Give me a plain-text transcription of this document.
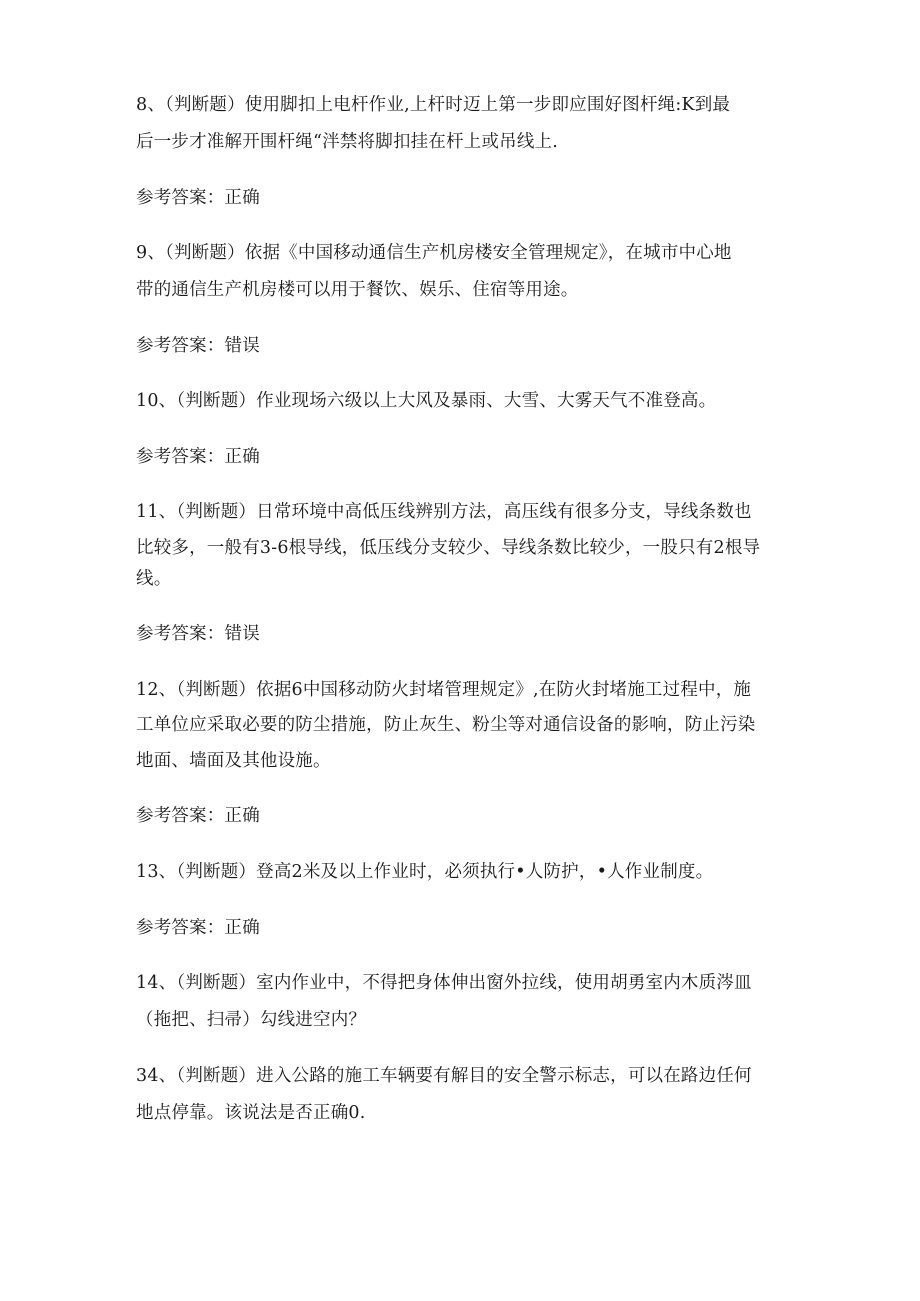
8、（判断题）使用脚扣上电杆作业,上杆时迈上第一步即应围好图杆绳:K到最
后一步才准解开围杆绳“泮禁将脚扣挂在杆上或吊线上.
参考答案：正确
9、（判断题）依据《中国移动通信生产机房楼安全管理规定》，在城市中心地
带的通信生产机房楼可以用于餐饮、娱乐、住宿等用途。
参考答案：错误
10、（判断题）作业现场六级以上大风及暴雨、大雪、大雾天气不准登高。
参考答案：正确
11、（判断题）日常环境中高低压线辨别方法，高压线有很多分支，导线条数也
比较多，一般有3-6根导线，低压线分支较少、导线条数比较少，一股只有2根导
线。
参考答案：错误
12、（判断题）依据6中国移动防火封堵管理规定》,在防火封堵施工过程中，施
工单位应采取必要的防尘措施，防止灰生、粉尘等对通信设备的影响，防止污染
地面、墙面及其他设施。
参考答案：正确
13、（判断题）登高2米及以上作业时，必须执行•人防护，•人作业制度。
参考答案：正确
14、（判断题）室内作业中，不得把身体伸出窗外拉线，使用胡勇室内木质涔皿
（拖把、扫帚）勾线进空内？
34、（判断题）进入公路的施工车辆要有解目的安全警示标志，可以在路边任何
地点停靠。该说法是否正确0.
